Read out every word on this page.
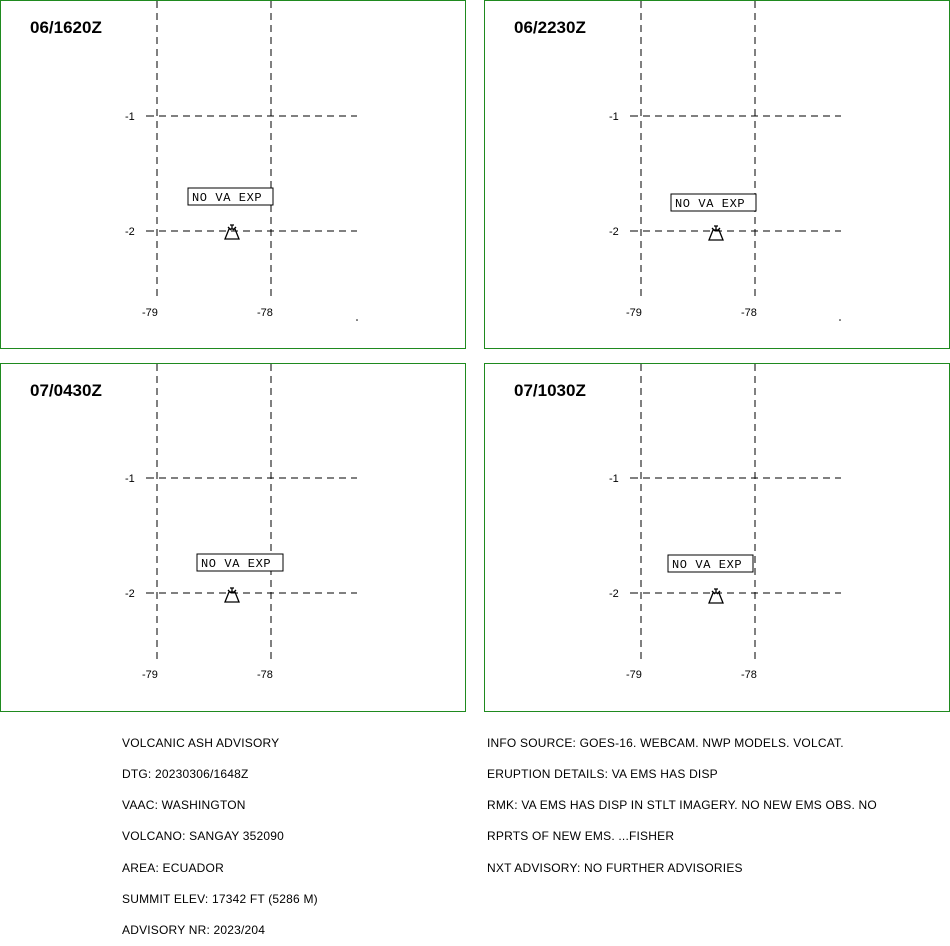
06/1620Z
-1
-2
-79	-78
NO VA EXP
06/2230Z
-1
-2
-79	-78
NO VA EXP
07/0430Z
-1
-2
-79	-78
NO VA EXP
07/1030Z
-1
-2
-79	-78
NO VA EXP

VOLCANIC ASH ADVISORY

DTG: 20230306/1648Z

VAAC: WASHINGTON

VOLCANO: SANGAY 352090

AREA: ECUADOR

SUMMIT ELEV: 17342 FT (5286 M)

ADVISORY NR: 2023/204

INFO SOURCE: GOES-16. WEBCAM. NWP MODELS. VOLCAT.

ERUPTION DETAILS: VA EMS HAS DISP

RMK: VA EMS HAS DISP IN STLT IMAGERY. NO NEW EMS OBS. NO

RPRTS OF NEW EMS. ...FISHER

NXT ADVISORY: NO FURTHER ADVISORIES
